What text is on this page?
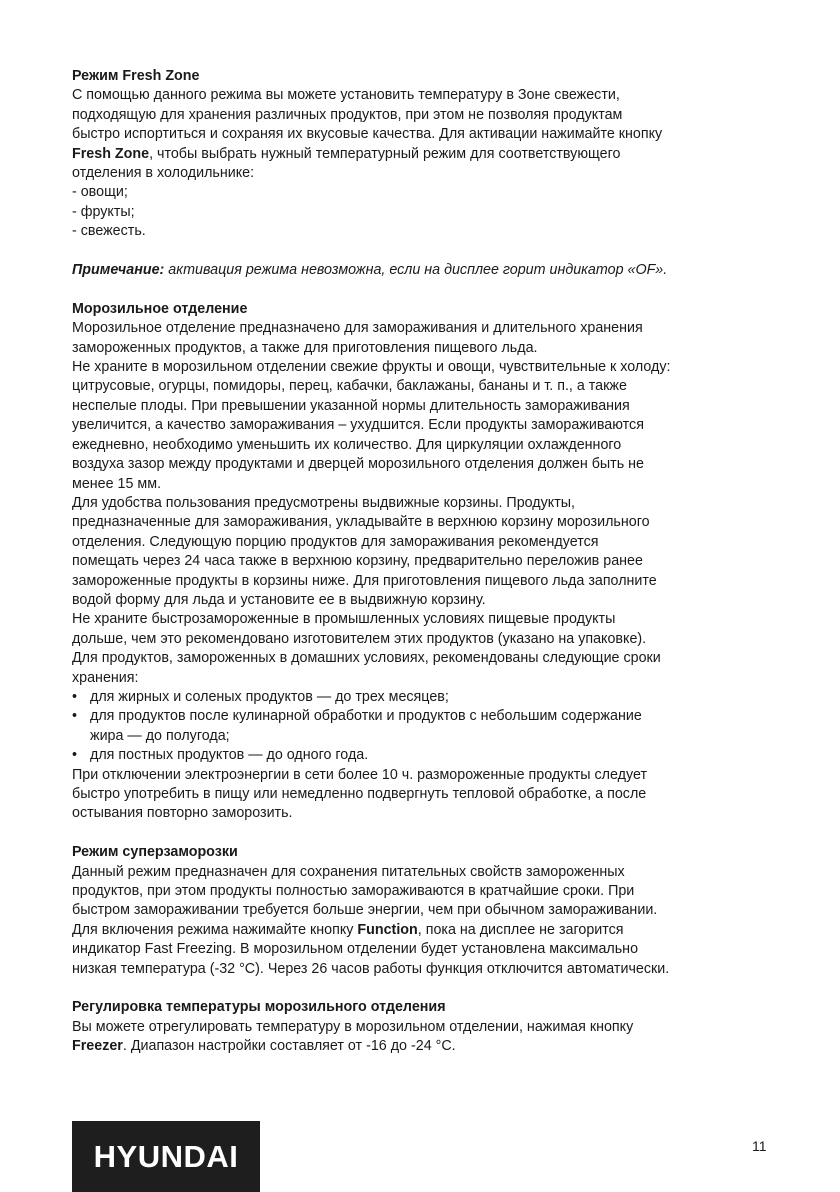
Режим Fresh Zone
С помощью данного режима вы можете установить температуру в Зоне свежести,
подходящую для хранения различных продуктов, при этом не позволяя продуктам
быстро испортиться и сохраняя их вкусовые качества. Для активации нажимайте кнопку
Fresh Zone, чтобы выбрать нужный температурный режим для соответствующего
отделения в холодильнике:
- овощи;
- фрукты;
- свежесть.
Примечание: активация режима невозможна, если на дисплее горит индикатор «OF».
Морозильное отделение
Морозильное отделение предназначено для замораживания и длительного хранения
замороженных продуктов, а также для приготовления пищевого льда.
Не храните в морозильном отделении свежие фрукты и овощи, чувствительные к холоду:
цитрусовые, огурцы, помидоры, перец, кабачки, баклажаны, бананы и т. п., а также
неспелые плоды. При превышении указанной нормы длительность замораживания
увеличится, а качество замораживания – ухудшится. Если продукты замораживаются
ежедневно, необходимо уменьшить их количество. Для циркуляции охлажденного
воздуха зазор между продуктами и дверцей морозильного отделения должен быть не
менее 15 мм.
Для удобства пользования предусмотрены выдвижные корзины. Продукты,
предназначенные для замораживания, укладывайте в верхнюю корзину морозильного
отделения. Следующую порцию продуктов для замораживания рекомендуется
помещать через 24 часа также в верхнюю корзину, предварительно переложив ранее
замороженные продукты в корзины ниже. Для приготовления пищевого льда заполните
водой форму для льда и установите ее в выдвижную корзину.
Не храните быстрозамороженные в промышленных условиях пищевые продукты
дольше, чем это рекомендовано изготовителем этих продуктов (указано на упаковке).
Для продуктов, замороженных в домашних условиях, рекомендованы следующие сроки
хранения:
• для жирных и соленых продуктов — до трех месяцев;
• для продуктов после кулинарной обработки и продуктов с небольшим содержание
жира — до полугода;
• для постных продуктов — до одного года.
При отключении электроэнергии в сети более 10 ч. размороженные продукты следует
быстро употребить в пищу или немедленно подвергнуть тепловой обработке, а после
остывания повторно заморозить.
Режим суперзаморозки
Данный режим предназначен для сохранения питательных свойств замороженных
продуктов, при этом продукты полностью замораживаются в кратчайшие сроки. При
быстром замораживании требуется больше энергии, чем при обычном замораживании.
Для включения режима нажимайте кнопку Function, пока на дисплее не загорится
индикатор Fast Freezing. В морозильном отделении будет установлена максимально
низкая температура (-32 °C). Через 26 часов работы функция отключится автоматически.
Регулировка температуры морозильного отделения
Вы можете отрегулировать температуру в морозильном отделении, нажимая кнопку
Freezer. Диапазон настройки составляет от -16 до -24 °C.
HYUNDAI	11
